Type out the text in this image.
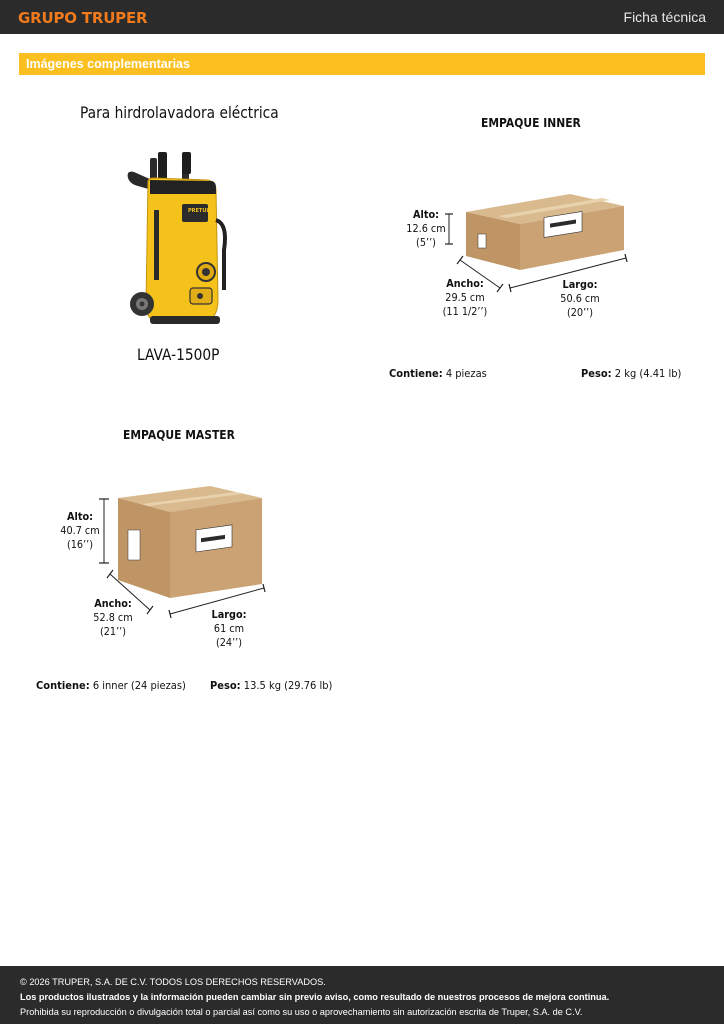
GRUPO TRUPER	Ficha técnica
Imágenes complementarias
Para hirdrolavadora eléctrica
PRETUL
LAVA-1500P
EMPAQUE INNER
Alto:
12.6 cm
(5’’)
Ancho:
29.5 cm
(11 1/2’’)
Largo:
50.6 cm
(20’’)
Contiene: 4 piezas	Peso: 2 kg (4.41 lb)
EMPAQUE MASTER
Alto:
40.7 cm
(16’’)
Ancho:
52.8 cm
(21’’)
Largo:
61 cm
(24’’)
Contiene: 6 inner (24 piezas) Peso: 13.5 kg (29.76 lb)
© 2026 TRUPER, S.A. DE C.V. TODOS LOS DERECHOS RESERVADOS.
Los productos ilustrados y la información pueden cambiar sin previo aviso, como resultado de nuestros procesos de mejora continua.
Prohibida su reproducción o divulgación total o parcial así como su uso o aprovechamiento sin autorización escrita de Truper, S.A. de C.V.
